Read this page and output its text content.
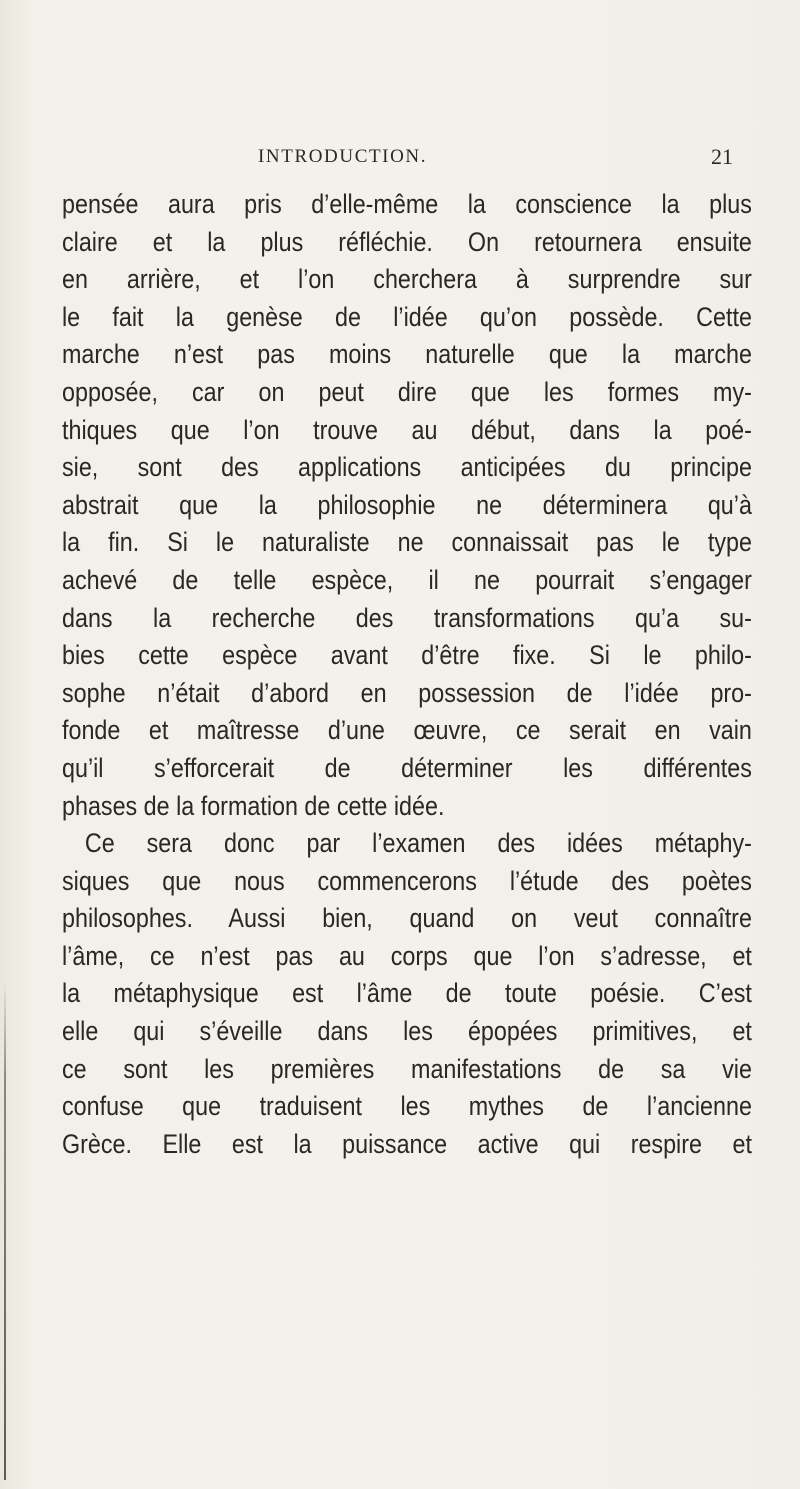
INTRODUCTION.	21
pensée aura pris d’elle-même la conscience la plus
claire et la plus réfléchie. On retournera ensuite
en arrière, et l’on cherchera à surprendre sur
le fait la genèse de l’idée qu’on possède. Cette
marche n’est pas moins naturelle que la marche
opposée, car on peut dire que les formes my-
thiques que l’on trouve au début, dans la poé-
sie, sont des applications anticipées du principe
abstrait que la philosophie ne déterminera qu’à
la fin. Si le naturaliste ne connaissait pas le type
achevé de telle espèce, il ne pourrait s’engager
dans la recherche des transformations qu’a su-
bies cette espèce avant d’être fixe. Si le philo-
sophe n’était d’abord en possession de l’idée pro-
fonde et maîtresse d’une œuvre, ce serait en vain
qu’il s’efforcerait de déterminer les différentes
phases de la formation de cette idée.
Ce sera donc par l’examen des idées métaphy-
siques que nous commencerons l’étude des poètes
philosophes. Aussi bien, quand on veut connaître
l’âme, ce n’est pas au corps que l’on s’adresse, et
la métaphysique est l’âme de toute poésie. C’est
elle qui s’éveille dans les épopées primitives, et
ce sont les premières manifestations de sa vie
confuse que traduisent les mythes de l’ancienne
Grèce. Elle est la puissance active qui respire et
